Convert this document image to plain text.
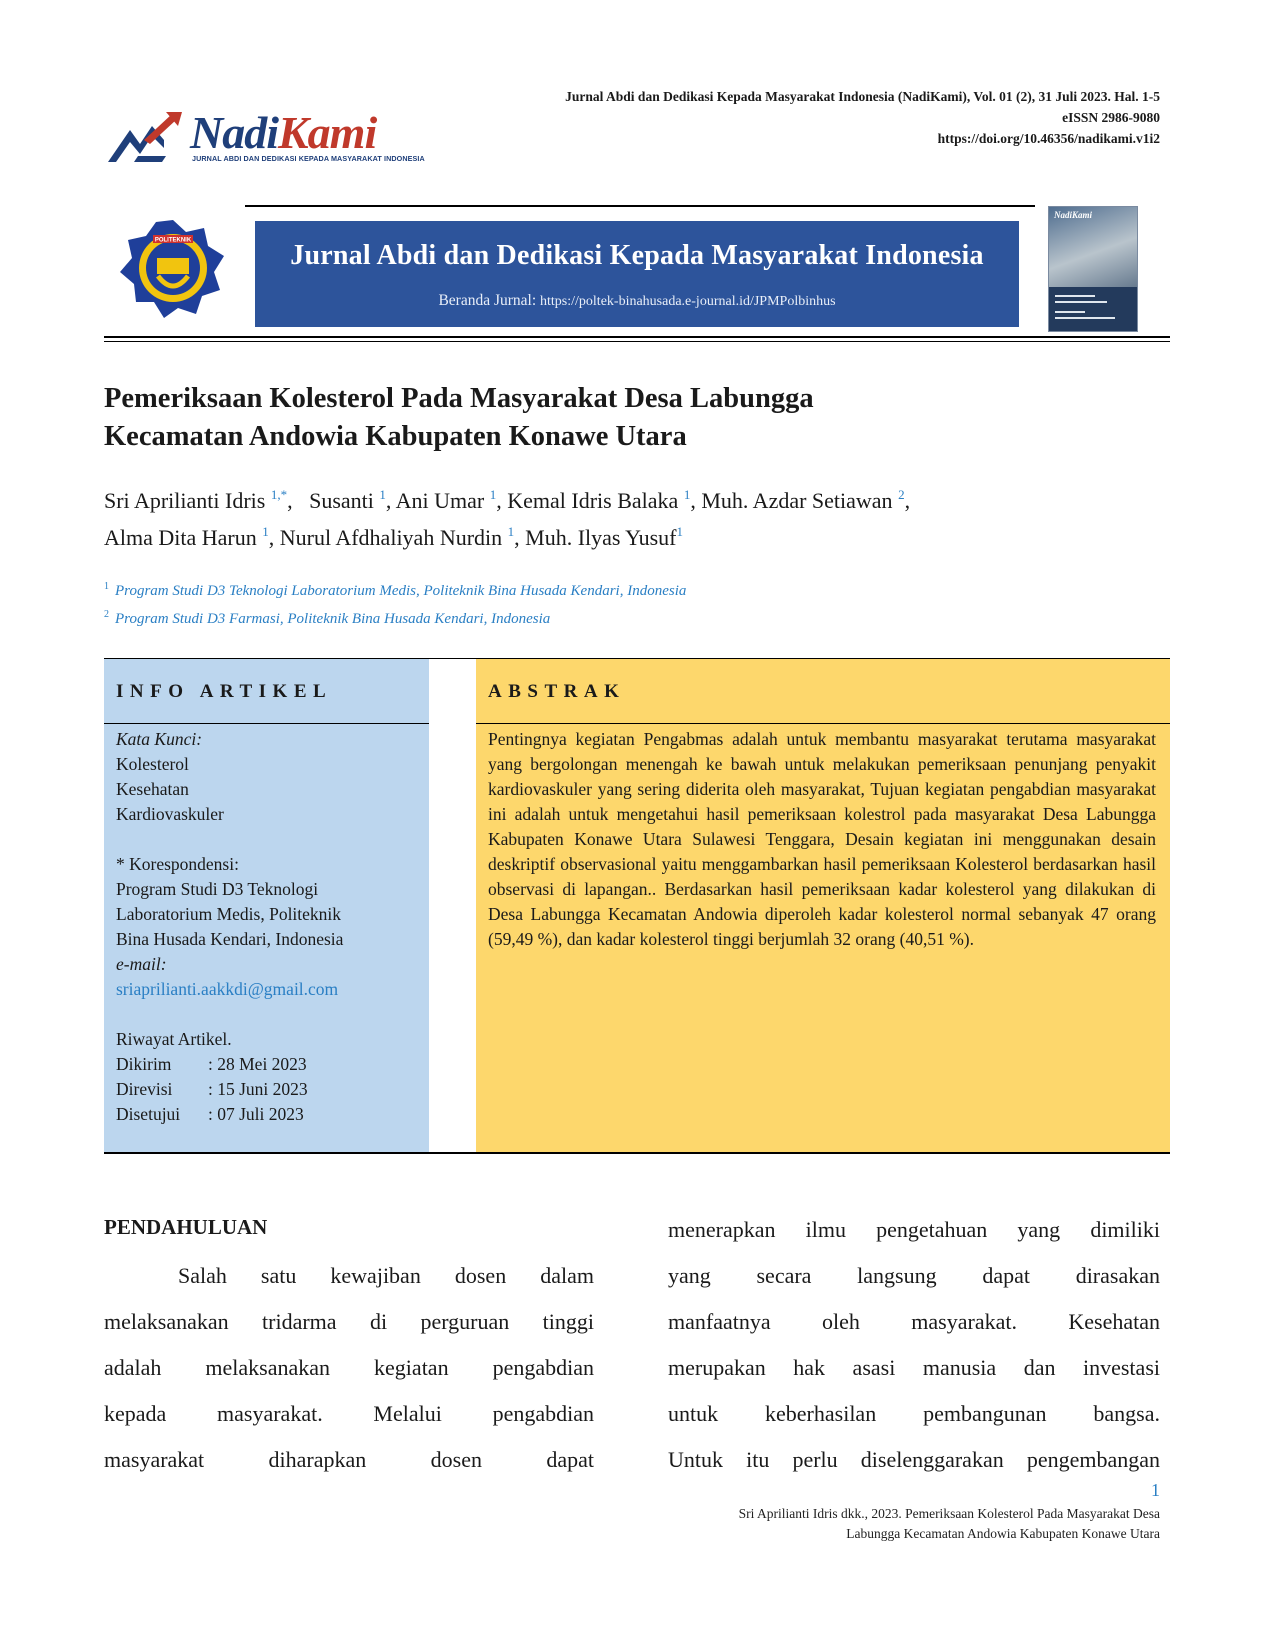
Jurnal Abdi dan Dedikasi Kepada Masyarakat Indonesia (NadiKami), Vol. 01 (2), 31 Juli 2023. Hal. 1-5
eISSN 2986-9080
https://doi.org/10.46356/nadikami.v1i2
NadiKami
JURNAL ABDI DAN DEDIKASI KEPADA MASYARAKAT INDONESIA
POLITEKNIK	Jurnal Abdi dan Dedikasi Kepada Masyarakat Indonesia
Beranda Jurnal: https://poltek-binahusada.e-journal.id/JPMPolbinhus
NadiKami
Pemeriksaan Kolesterol Pada Masyarakat Desa Labungga
Kecamatan Andowia Kabupaten Konawe Utara
Sri Aprilianti Idris $^{1,*}$,   Susanti $^1$, Ani Umar $^1$, Kemal Idris Balaka $^1$, Muh. Azdar Setiawan $^2$,
Alma Dita Harun $^1$, Nurul Afdhaliyah Nurdin $^1$, Muh. Ilyas Yusuf$^1$
$^1$ Program Studi D3 Teknologi Laboratorium Medis, Politeknik Bina Husada Kendari, Indonesia
$^2$ Program Studi D3 Farmasi, Politeknik Bina Husada Kendari, Indonesia
INFO ARTIKEL
Kata Kunci:
Kolesterol
Kesehatan
Kardiovaskuler
* Korespondensi:
Program Studi D3 Teknologi
Laboratorium Medis, Politeknik
Bina Husada Kendari, Indonesia
e-mail:
sriaprilianti.aakkdi@gmail.com
Riwayat Artikel.
Dikirim	: 28 Mei 2023
Direvisi	: 15 Juni 2023
Disetujui	: 07 Juli 2023
ABSTRAK
Pentingnya kegiatan Pengabmas adalah untuk membantu masyarakat terutama masyarakat yang bergolongan menengah ke bawah untuk melakukan pemeriksaan penunjang penyakit kardiovaskuler yang sering diderita oleh masyarakat, Tujuan kegiatan pengabdian masyarakat ini adalah untuk mengetahui hasil pemeriksaan kolestrol pada masyarakat Desa Labungga Kabupaten Konawe Utara Sulawesi Tenggara, Desain kegiatan ini menggunakan desain deskriptif observasional yaitu menggambarkan hasil pemeriksaan Kolesterol berdasarkan hasil observasi di lapangan.. Berdasarkan hasil pemeriksaan kadar kolesterol yang dilakukan di Desa Labungga Kecamatan Andowia diperoleh kadar kolesterol normal sebanyak 47 orang (59,49 %), dan kadar kolesterol tinggi berjumlah 32 orang (40,51 %).
PENDAHULUAN
Salah satu kewajiban dosen dalam
melaksanakan tridarma di perguruan tinggi
adalah melaksanakan kegiatan pengabdian
kepada masyarakat. Melalui pengabdian
masyarakat diharapkan dosen dapat
menerapkan ilmu pengetahuan yang dimiliki
yang secara langsung dapat dirasakan
manfaatnya oleh masyarakat. Kesehatan
merupakan hak asasi manusia dan investasi
untuk keberhasilan pembangunan bangsa.
Untuk itu perlu diselenggarakan pengembangan
1
Sri Aprilianti Idris dkk., 2023. Pemeriksaan Kolesterol Pada Masyarakat Desa
Labungga Kecamatan Andowia Kabupaten Konawe Utara
